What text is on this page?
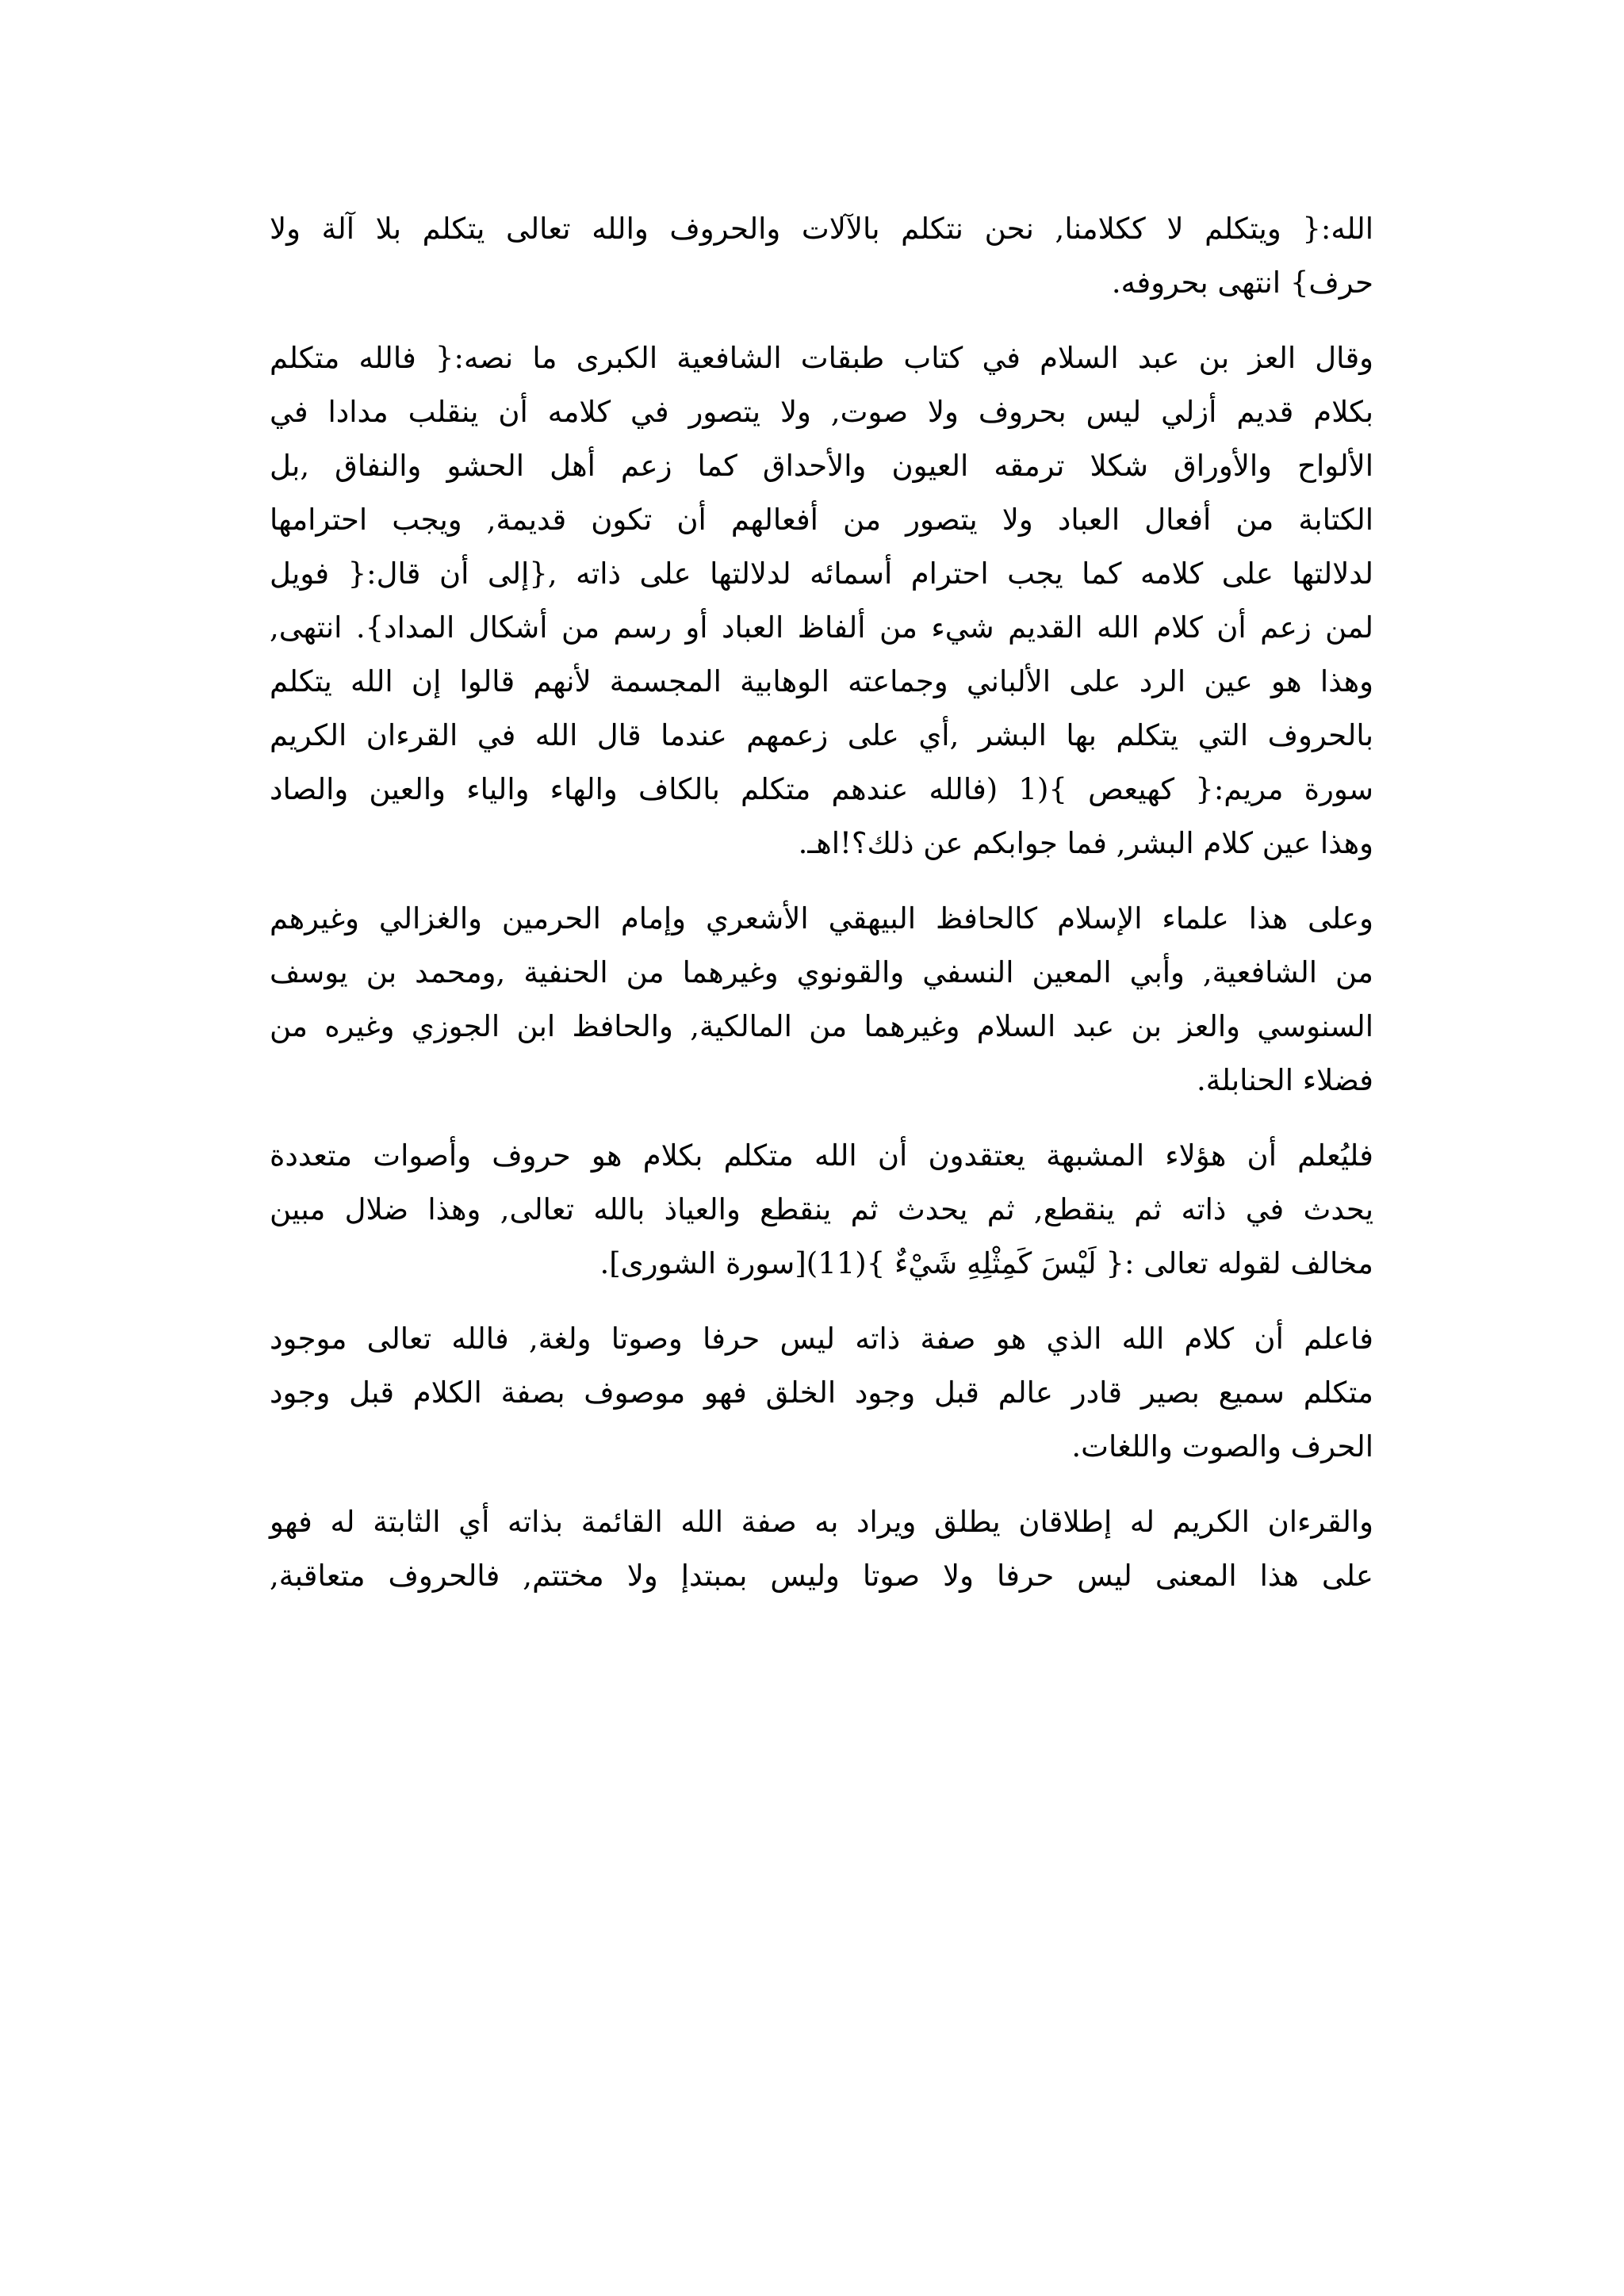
الله:{ ويتكلم لا ككلامنا, نحن نتكلم بالآلات والحروف والله تعالى يتكلم بلا آلة ولا
حرف} انتهى بحروفه.
وقال العز بن عبد السلام في كتاب طبقات الشافعية الكبرى ما نصه:{ فالله متكلم
بكلام قديم أزلي ليس بحروف ولا صوت, ولا يتصور في كلامه أن ينقلب مدادا في
الألواح والأوراق شكلا ترمقه العيون والأحداق كما زعم أهل الحشو والنفاق ,بل
الكتابة من أفعال العباد ولا يتصور من أفعالهم أن تكون قديمة, ويجب احترامها
لدلالتها على كلامه كما يجب احترام أسمائه لدلالتها على ذاته ,{إلى أن قال:{ فويل
لمن زعم أن كلام الله القديم شيء من ألفاظ العباد أو رسم من أشكال المداد}. انتهى,
وهذا هو عين الرد على الألباني وجماعته الوهابية المجسمة لأنهم قالوا إن الله يتكلم
بالحروف التي يتكلم بها البشر ,أي على زعمهم عندما قال الله في القرءان الكريم
سورة مريم:{ كهيعص }(1 (فالله عندهم متكلم بالكاف والهاء والياء والعين والصاد
وهذا عين كلام البشر, فما جوابكم عن ذلك؟!اهـ.
وعلى هذا علماء الإسلام كالحافظ البيهقي الأشعري وإمام الحرمين والغزالي وغيرهم
من الشافعية, وأبي المعين النسفي والقونوي وغيرهما من الحنفية ,ومحمد بن يوسف
السنوسي والعز بن عبد السلام وغيرهما من المالكية, والحافظ ابن الجوزي وغيره من
فضلاء الحنابلة.
فليُعلم أن هؤلاء المشبهة يعتقدون أن الله متكلم بكلام هو حروف وأصوات متعددة
يحدث في ذاته ثم ينقطع, ثم يحدث ثم ينقطع والعياذ بالله تعالى, وهذا ضلال مبين
مخالف لقوله تعالى :{ لَيْسَ كَمِثْلِهِ شَيْءٌ }(11)[سورة الشورى].
فاعلم أن كلام الله الذي هو صفة ذاته ليس حرفا وصوتا ولغة, فالله تعالى موجود
متكلم سميع بصير قادر عالم قبل وجود الخلق فهو موصوف بصفة الكلام قبل وجود
الحرف والصوت واللغات.
والقرءان الكريم له إطلاقان يطلق ويراد به صفة الله القائمة بذاته أي الثابتة له فهو
على هذا المعنى ليس حرفا ولا صوتا وليس بمبتدإ ولا مختتم, فالحروف متعاقبة,
